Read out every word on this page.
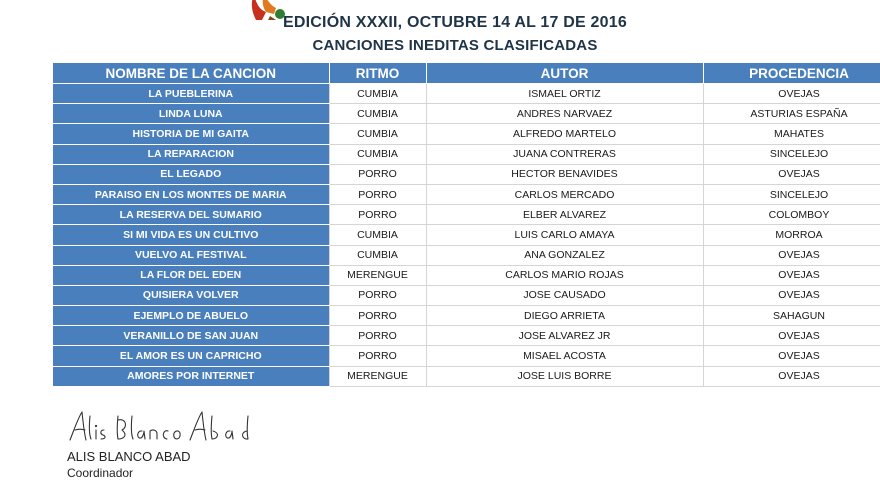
EDICIÓN XXXII, OCTUBRE 14 AL 17 DE 2016
CANCIONES INEDITAS CLASIFICADAS
NOMBRE DE LA CANCION	RITMO	AUTOR	PROCEDENCIA
LA PUEBLERINA	CUMBIA	ISMAEL ORTIZ	OVEJAS
LINDA LUNA	CUMBIA	ANDRES NARVAEZ	ASTURIAS ESPAÑA
HISTORIA DE MI GAITA	CUMBIA	ALFREDO MARTELO	MAHATES
LA REPARACION	CUMBIA	JUANA CONTRERAS	SINCELEJO
EL LEGADO	PORRO	HECTOR BENAVIDES	OVEJAS
PARAISO EN LOS MONTES DE MARIA	PORRO	CARLOS MERCADO	SINCELEJO
LA RESERVA DEL SUMARIO	PORRO	ELBER ALVAREZ	COLOMBOY
SI MI VIDA ES UN CULTIVO	CUMBIA	LUIS CARLO AMAYA	MORROA
VUELVO AL FESTIVAL	CUMBIA	ANA GONZALEZ	OVEJAS
LA FLOR DEL EDEN	MERENGUE	CARLOS MARIO ROJAS	OVEJAS
QUISIERA VOLVER	PORRO	JOSE CAUSADO	OVEJAS
EJEMPLO DE ABUELO	PORRO	DIEGO ARRIETA	SAHAGUN
VERANILLO DE SAN JUAN	PORRO	JOSE ALVAREZ JR	OVEJAS
EL AMOR ES UN CAPRICHO	PORRO	MISAEL ACOSTA	OVEJAS
AMORES POR INTERNET	MERENGUE	JOSE LUIS BORRE	OVEJAS
ALIS BLANCO ABAD
Coordinador
